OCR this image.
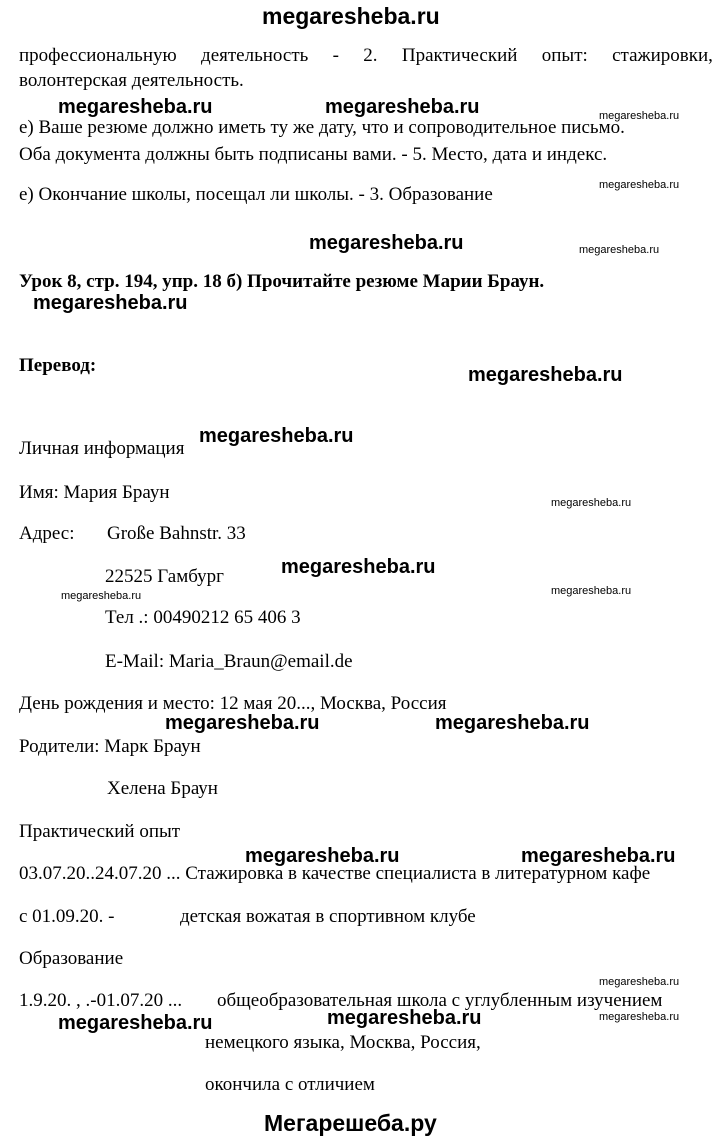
megaresheba.ru
профессиональную деятельность - 2. Практический опыт: стажировки,
волонтерская деятельность.
е) Ваше резюме должно иметь ту же дату, что и сопроводительное письмо.
Оба документа должны быть подписаны вами. - 5. Место, дата и индекс.
е) Окончание школы, посещал ли школы. - 3. Образование
Урок 8, стр. 194, упр. 18 б) Прочитайте резюме Марии Браун.
Перевод:
Личная информация
Имя: Мария Браун
Адрес: Große Bahnstr. 33
22525 Гамбург
Тел .: 00490212 65 406 3
E-Mail: Maria_Braun@email.de
День рождения и место: 12 мая 20..., Москва, Россия
Родители: Марк Браун
Хелена Браун
Практический опыт
03.07.20..24.07.20 ... Стажировка в качестве специалиста в литературном кафе
с 01.09.20. -	детская вожатая в спортивном клубе
Образование
1.9.20. , .-01.07.20 ... общеобразовательная школа с углубленным изучением
немецкого языка, Москва, Россия,
окончила с отличием
megaresheba.ru	megaresheba.ru
megaresheba.ru
megaresheba.ru
megaresheba.ru
megaresheba.ru
megaresheba.ru
megaresheba.ru	megaresheba.ru
megaresheba.ru	megaresheba.ru
megaresheba.ru	megaresheba.ru
megaresheba.ru
megaresheba.ru
megaresheba.ru
megaresheba.ru
megaresheba.ru	megaresheba.ru
megaresheba.ru
megaresheba.ru
Мегарешеба.ру
